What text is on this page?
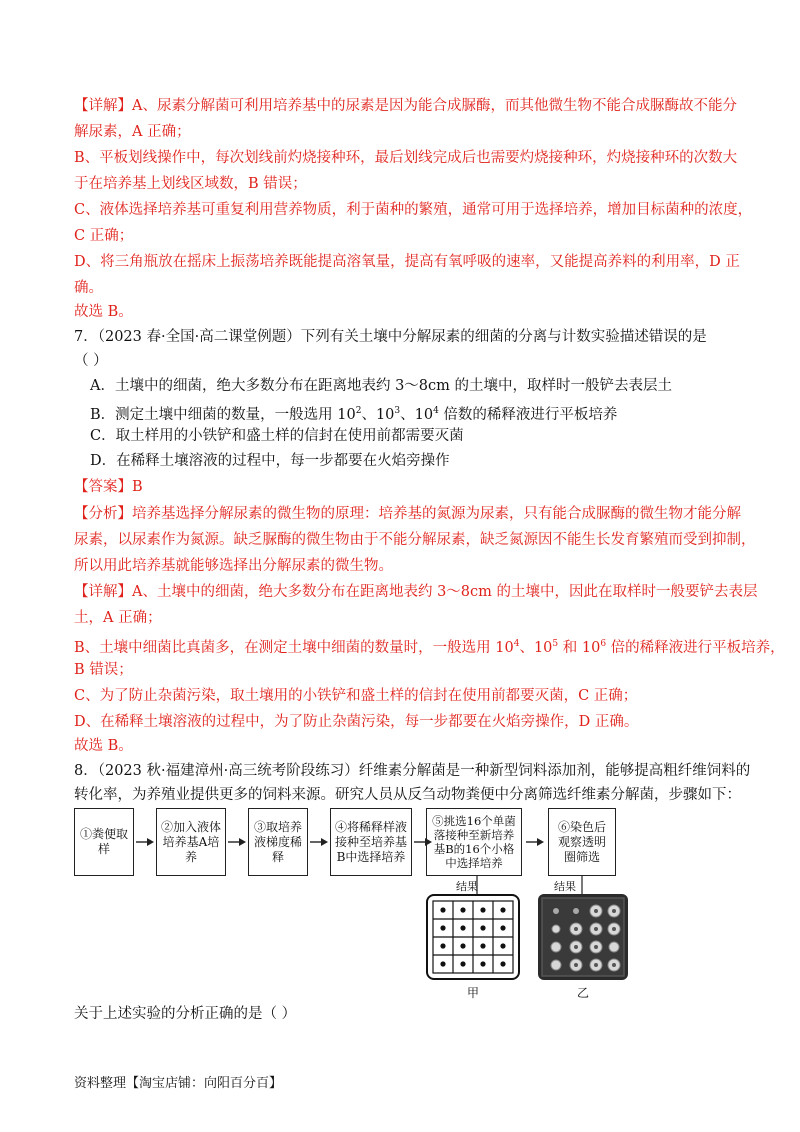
【详解】A、尿素分解菌可利用培养基中的尿素是因为能合成脲酶，而其他微生物不能合成脲酶故不能分
解尿素，A 正确；
B、平板划线操作中，每次划线前灼烧接种环，最后划线完成后也需要灼烧接种环，灼烧接种环的次数大
于在培养基上划线区域数，B 错误；
C、液体选择培养基可重复利用营养物质，利于菌种的繁殖，通常可用于选择培养，增加目标菌种的浓度，
C 正确；
D、将三角瓶放在摇床上振荡培养既能提高溶氧量，提高有氧呼吸的速率，又能提高养料的利用率，D 正
确。
故选 B。
7．（2023 春·全国·高二课堂例题）下列有关土壤中分解尿素的细菌的分离与计数实验描述错误的是
（ ）
A．土壤中的细菌，绝大多数分布在距离地表约 3～8cm 的土壤中，取样时一般铲去表层土
B．测定土壤中细菌的数量，一般选用 $10^2$、$10^3$、$10^4$ 倍数的稀释液进行平板培养
C．取土样用的小铁铲和盛土样的信封在使用前都需要灭菌
D．在稀释土壤溶液的过程中，每一步都要在火焰旁操作
【答案】B
【分析】培养基选择分解尿素的微生物的原理：培养基的氮源为尿素，只有能合成脲酶的微生物才能分解
尿素，以尿素作为氮源。缺乏脲酶的微生物由于不能分解尿素，缺乏氮源因不能生长发育繁殖而受到抑制，
所以用此培养基就能够选择出分解尿素的微生物。
【详解】A、土壤中的细菌，绝大多数分布在距离地表约 3～8cm 的土壤中，因此在取样时一般要铲去表层
土，A 正确；
B、土壤中细菌比真菌多，在测定土壤中细菌的数量时，一般选用 $10^4$、$10^5$ 和 $10^6$ 倍的稀释液进行平板培养，
B 错误；
C、为了防止杂菌污染，取土壤用的小铁铲和盛土样的信封在使用前都要灭菌，C 正确；
D、在稀释土壤溶液的过程中，为了防止杂菌污染，每一步都要在火焰旁操作，D 正确。
故选 B。
8．（2023 秋·福建漳州·高三统考阶段练习）纤维素分解菌是一种新型饲料添加剂，能够提高粗纤维饲料的
转化率，为养殖业提供更多的饲料来源。研究人员从反刍动物粪便中分离筛选纤维素分解菌，步骤如下：
①粪便取样
②加入液体培养基A培养
③取培养液梯度稀释
④将稀释样液接种至培养基B中选择培养
⑤挑选16个单菌落接种至新培养基B的16个小格中选择培养
⑥染色后观察透明圈筛选
结果	结果
甲	乙
关于上述实验的分析正确的是（ ）
资料整理【淘宝店铺：向阳百分百】
